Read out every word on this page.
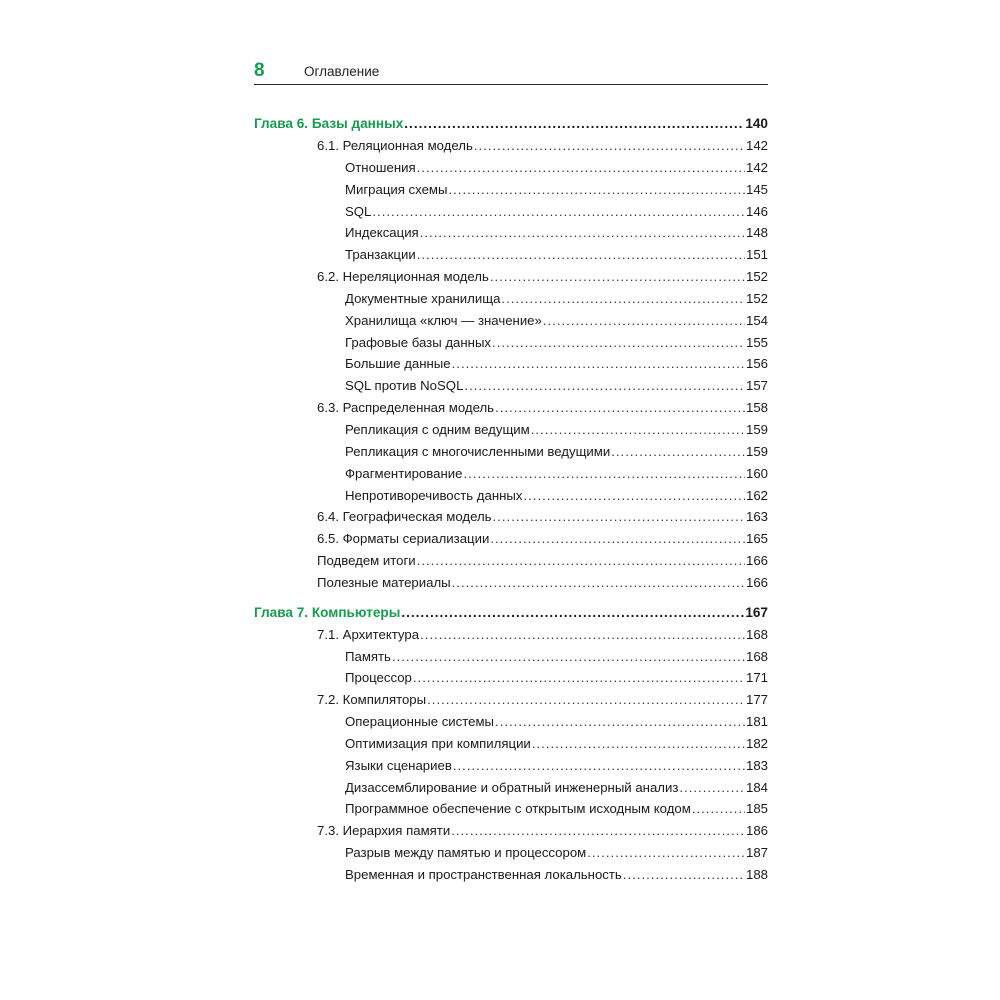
8	Оглавление
Глава 6. Базы данных .....	140
6.1. Реляционная модель .....	142
Отношения .....	142
Миграция схемы .....	145
SQL .....	146
Индексация .....	148
Транзакции .....	151
6.2. Нереляционная модель .....	152
Документные хранилища .....	152
Хранилища «ключ — значение» .....	154
Графовые базы данных .....	155
Большие данные .....	156
SQL против NoSQL .....	157
6.3. Распределенная модель .....	158
Репликация с одним ведущим .....	159
Репликация с многочисленными ведущими .....	159
Фрагментирование .....	160
Непротиворечивость данных .....	162
6.4. Географическая модель .....	163
6.5. Форматы сериализации .....	165
Подведем итоги .....	166
Полезные материалы .....	166
Глава 7. Компьютеры .....	167
7.1. Архитектура .....	168
Память .....	168
Процессор .....	171
7.2. Компиляторы .....	177
Операционные системы .....	181
Оптимизация при компиляции .....	182
Языки сценариев .....	183
Дизассемблирование и обратный инженерный анализ .....	184
Программное обеспечение с открытым исходным кодом .....	185
7.3. Иерархия памяти .....	186
Разрыв между памятью и процессором .....	187
Временная и пространственная локальность .....	188
